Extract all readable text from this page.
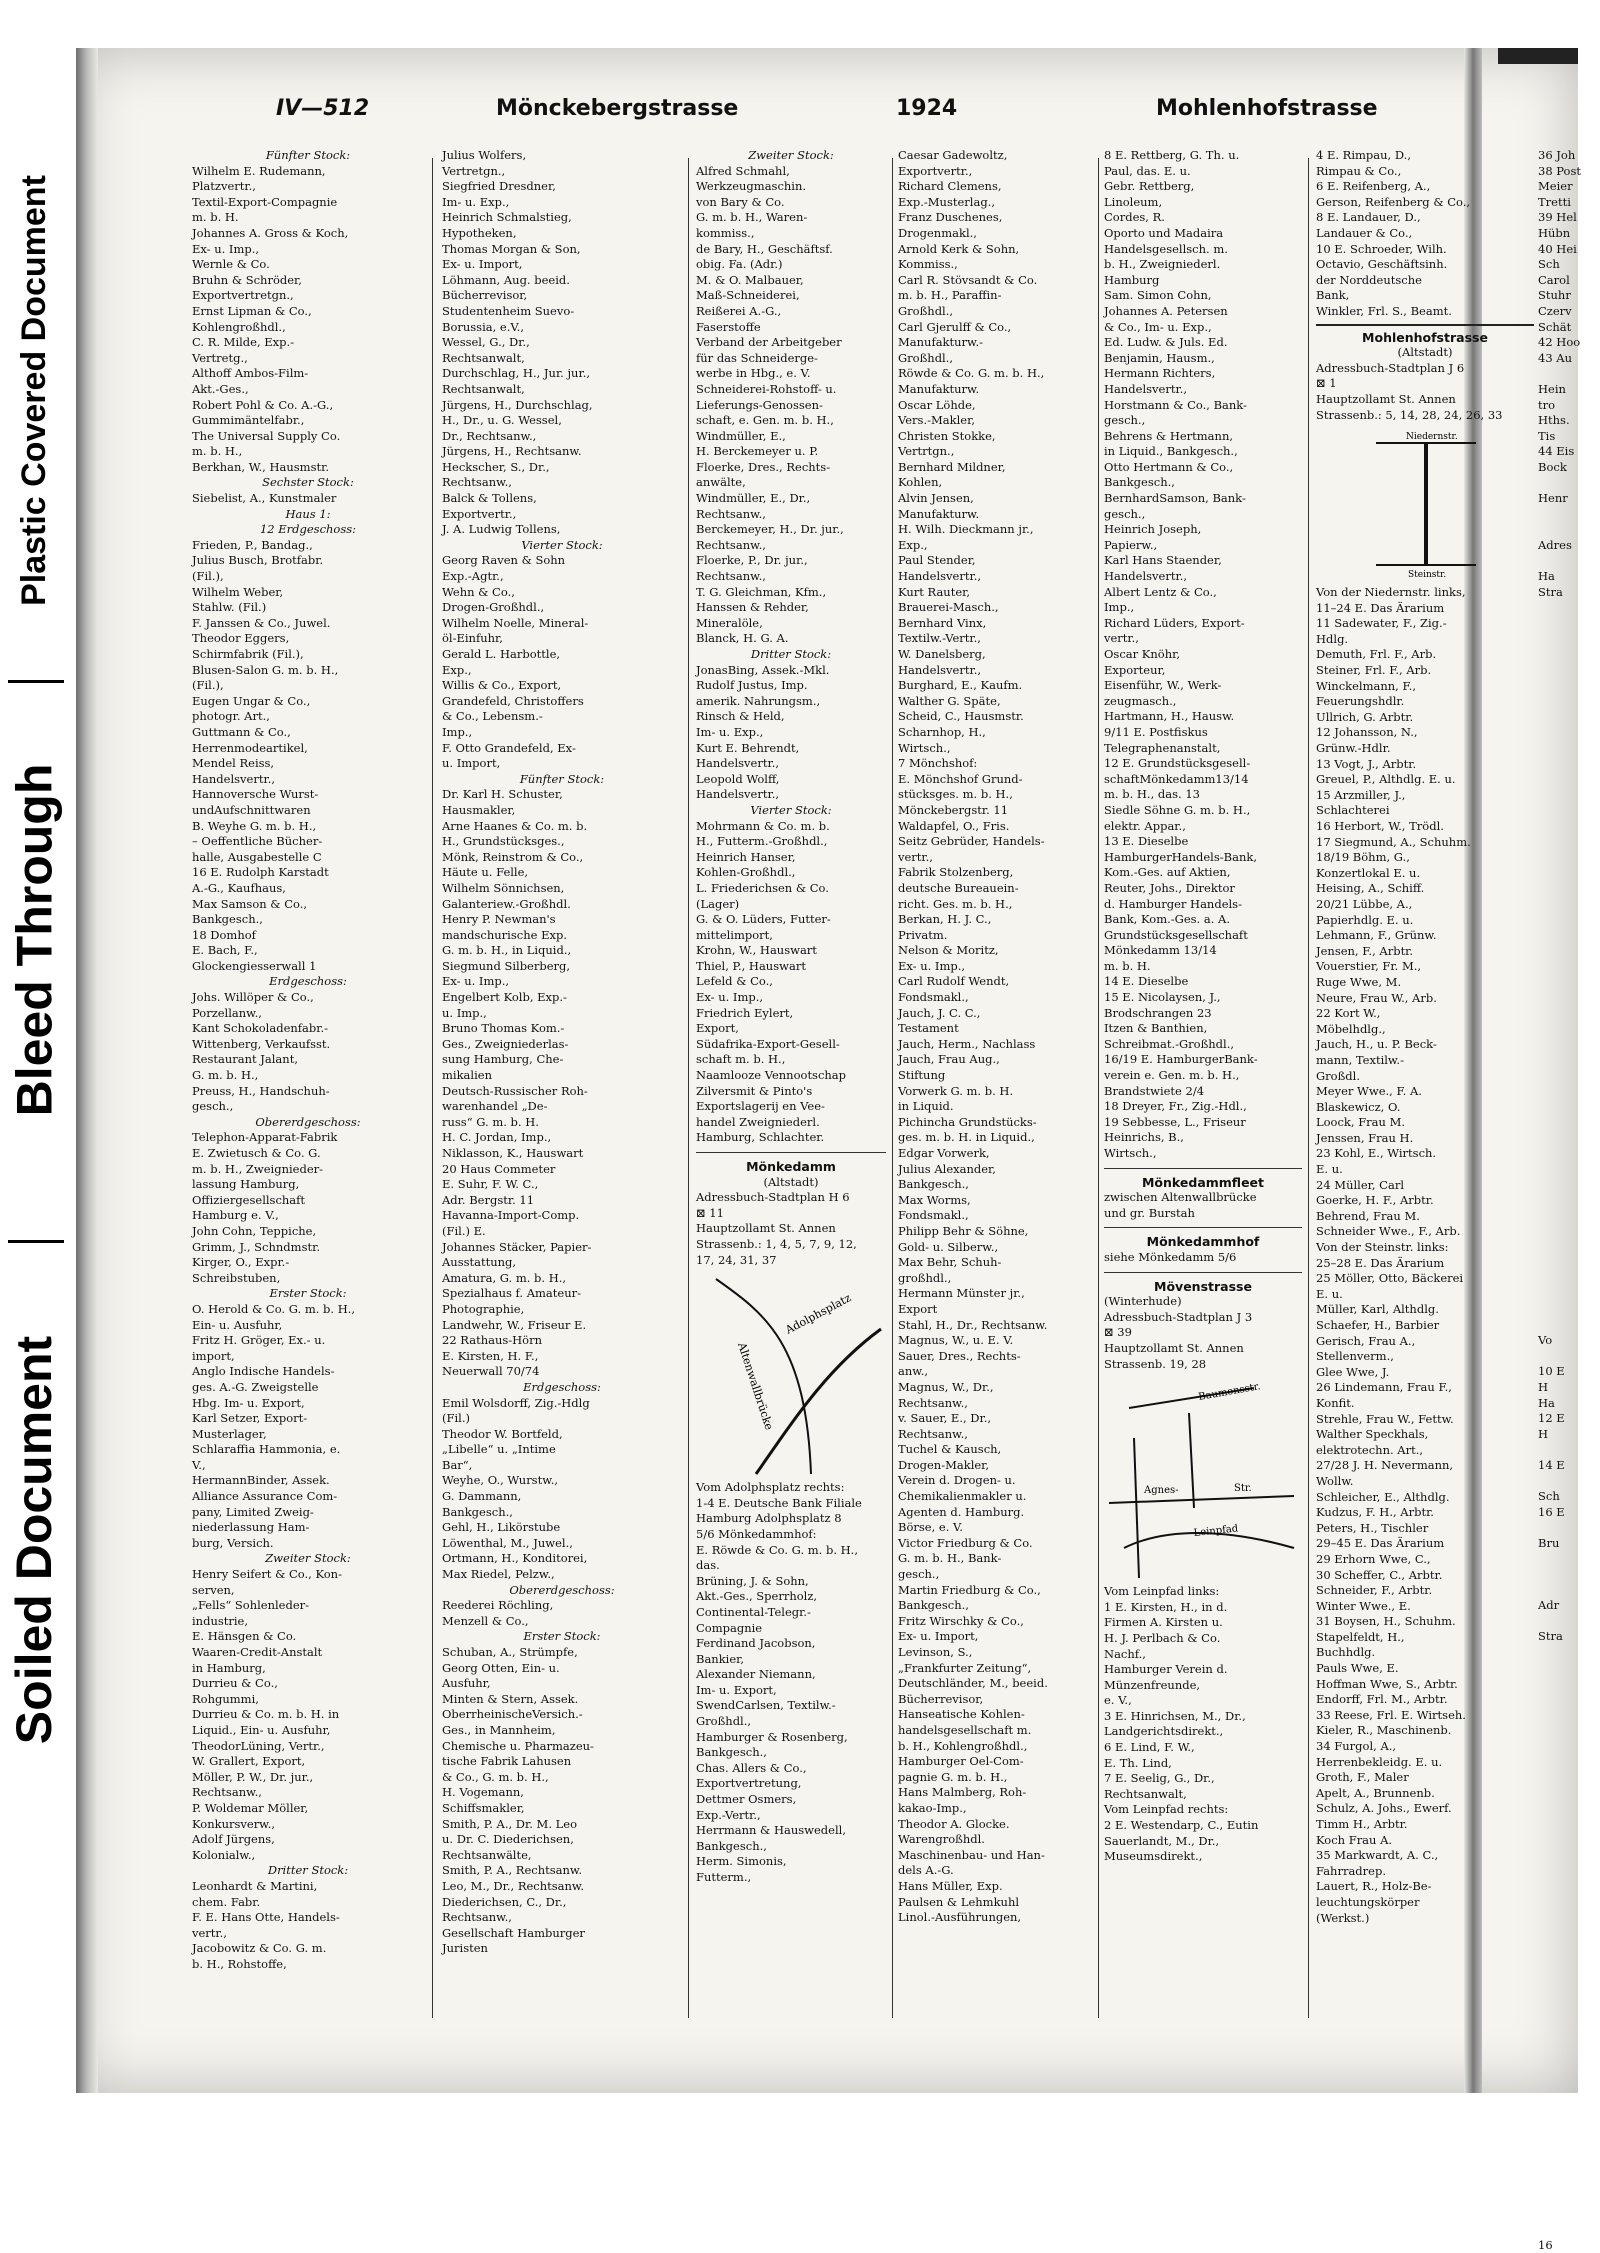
Plastic Covered Document
Bleed Through
Soiled Document
IV—512	Mönckebergstrasse	1924	Mohlenhofstrasse

Fünfter Stock:

Wilhelm E. Rudemann,

Platzvertr.,

Textil-Export-Compagnie

m. b. H.

Johannes A. Gross & Koch,

Ex- u. Imp.,

Wernle & Co.

Bruhn & Schröder,

Exportvertretgn.,

Ernst Lipman & Co.,

Kohlengroßhdl.,

C. R. Milde, Exp.-

Vertretg.,

Althoff Ambos-Film-

Akt.-Ges.,

Robert Pohl & Co. A.-G.,

Gummimäntelfabr.,

The Universal Supply Co.

m. b. H.,

Berkhan, W., Hausmstr.

Sechster Stock:

Siebelist, A., Kunstmaler

Haus 1:

12 Erdgeschoss:

Frieden, P., Bandag.,

Julius Busch, Brotfabr.

(Fil.),

Wilhelm Weber,

Stahlw. (Fil.)

F. Janssen & Co., Juwel.

Theodor Eggers,

Schirmfabrik (Fil.),

Blusen-Salon G. m. b. H.,

(Fil.),

Eugen Ungar & Co.,

photogr. Art.,

Guttmann & Co.,

Herrenmodeartikel,

Mendel Reiss,

Handelsvertr.,

Hannoversche Wurst-

undAufschnittwaren

B. Weyhe G. m. b. H.,

– Oeffentliche Bücher-

halle, Ausgabestelle C

16 E. Rudolph Karstadt

A.-G., Kaufhaus,

Max Samson & Co.,

Bankgesch.,

18 Domhof

E. Bach, F.,

Glockengiesserwall 1

Erdgeschoss:

Johs. Willöper & Co.,

Porzellanw.,

Kant Schokoladenfabr.-

Wittenberg, Verkaufsst.

Restaurant Jalant,

G. m. b. H.,

Preuss, H., Handschuh-

gesch.,

Obererdgeschoss:

Telephon-Apparat-Fabrik

E. Zwietusch & Co. G.

m. b. H., Zweignieder-

lassung Hamburg,

Offiziergesellschaft

Hamburg e. V.,

John Cohn, Teppiche,

Grimm, J., Schndmstr.

Kirger, O., Expr.-

Schreibstuben,

Erster Stock:

O. Herold & Co. G. m. b. H.,

Ein- u. Ausfuhr,

Fritz H. Gröger, Ex.- u.

import,

Anglo Indische Handels-

ges. A.-G. Zweigstelle

Hbg. Im- u. Export,

Karl Setzer, Export-

Musterlager,

Schlaraffia Hammonia, e.

V.,

HermannBinder, Assek.

Alliance Assurance Com-

pany, Limited Zweig-

niederlassung Ham-

burg, Versich.

Zweiter Stock:

Henry Seifert & Co., Kon-

serven,

„Fells“ Sohlenleder-

industrie,

E. Hänsgen & Co.

Waaren-Credit-Anstalt

in Hamburg,

Durrieu & Co.,

Rohgummi,

Durrieu & Co. m. b. H. in

Liquid., Ein- u. Ausfuhr,

TheodorLüning, Vertr.,

W. Grallert, Export,

Möller, P. W., Dr. jur.,

Rechtsanw.,

P. Woldemar Möller,

Konkursverw.,

Adolf Jürgens,

Kolonialw.,

Dritter Stock:

Leonhardt & Martini,

chem. Fabr.

F. E. Hans Otte, Handels-

vertr.,

Jacobowitz & Co. G. m.

b. H., Rohstoffe,

Julius Wolfers,

Vertretgn.,

Siegfried Dresdner,

Im- u. Exp.,

Heinrich Schmalstieg,

Hypotheken,

Thomas Morgan & Son,

Ex- u. Import,

Löhmann, Aug. beeid.

Bücherrevisor,

Studentenheim Suevo-

Borussia, e.V.,

Wessel, G., Dr.,

Rechtsanwalt,

Durchschlag, H., Jur. jur.,

Rechtsanwalt,

Jürgens, H., Durchschlag,

H., Dr., u. G. Wessel,

Dr., Rechtsanw.,

Jürgens, H., Rechtsanw.

Heckscher, S., Dr.,

Rechtsanw.,

Balck & Tollens,

Exportvertr.,

J. A. Ludwig Tollens,

Vierter Stock:

Georg Raven & Sohn

Exp.-Agtr.,

Wehn & Co.,

Drogen-Großhdl.,

Wilhelm Noelle, Mineral-

öl-Einfuhr,

Gerald L. Harbottle,

Exp.,

Willis & Co., Export,

Grandefeld, Christoffers

& Co., Lebensm.-

Imp.,

F. Otto Grandefeld, Ex-

u. Import,

Fünfter Stock:

Dr. Karl H. Schuster,

Hausmakler,

Arne Haanes & Co. m. b.

H., Grundstücksges.,

Mönk, Reinstrom & Co.,

Häute u. Felle,

Wilhelm Sönnichsen,

Galanteriew.-Großhdl.

Henry P. Newman's

mandschurische Exp.

G. m. b. H., in Liquid.,

Siegmund Silberberg,

Ex- u. Imp.,

Engelbert Kolb, Exp.-

u. Imp.,

Bruno Thomas Kom.-

Ges., Zweigniederlas-

sung Hamburg, Che-

mikalien

Deutsch-Russischer Roh-

warenhandel „De-

russ“ G. m. b. H.

H. C. Jordan, Imp.,

Niklasson, K., Hauswart

20 Haus Commeter

E. Suhr, F. W. C.,

Adr. Bergstr. 11

Havanna-Import-Comp.

(Fil.) E.

Johannes Stäcker, Papier-

Ausstattung,

Amatura, G. m. b. H.,

Spezialhaus f. Amateur-

Photographie,

Landwehr, W., Friseur E.

22 Rathaus-Hörn

E. Kirsten, H. F.,

Neuerwall 70/74

Erdgeschoss:

Emil Wolsdorff, Zig.-Hdlg

(Fil.)

Theodor W. Bortfeld,

„Libelle“ u. „Intime

Bar“,

Weyhe, O., Wurstw.,

G. Dammann,

Bankgesch.,

Gehl, H., Likörstube

Löwenthal, M., Juwel.,

Ortmann, H., Konditorei,

Max Riedel, Pelzw.,

Obererdgeschoss:

Reederei Röchling,

Menzell & Co.,

Erster Stock:

Schuban, A., Strümpfe,

Georg Otten, Ein- u.

Ausfuhr,

Minten & Stern, Assek.

OberrheinischeVersich.-

Ges., in Mannheim,

Chemische u. Pharmazeu-

tische Fabrik Lahusen

& Co., G. m. b. H.,

H. Vogemann,

Schiffsmakler,

Smith, P. A., Dr. M. Leo

u. Dr. C. Diederichsen,

Rechtsanwälte,

Smith, P. A., Rechtsanw.

Leo, M., Dr., Rechtsanw.

Diederichsen, C., Dr.,

Rechtsanw.,

Gesellschaft Hamburger

Juristen

Zweiter Stock:

Alfred Schmahl,

Werkzeugmaschin.

von Bary & Co.

G. m. b. H., Waren-

kommiss.,

de Bary, H., Geschäftsf.

obig. Fa. (Adr.)

M. & O. Malbauer,

Maß-Schneiderei,

Reißerei A.-G.,

Faserstoffe

Verband der Arbeitgeber

für das Schneiderge-

werbe in Hbg., e. V.

Schneiderei-Rohstoff- u.

Lieferungs-Genossen-

schaft, e. Gen. m. b. H.,

Windmüller, E.,

H. Berckemeyer u. P.

Floerke, Dres., Rechts-

anwälte,

Windmüller, E., Dr.,

Rechtsanw.,

Berckemeyer, H., Dr. jur.,

Rechtsanw.,

Floerke, P., Dr. jur.,

Rechtsanw.,

T. G. Gleichman, Kfm.,

Hanssen & Rehder,

Mineralöle,

Blanck, H. G. A.

Dritter Stock:

JonasBing, Assek.-Mkl.

Rudolf Justus, Imp.

amerik. Nahrungsm.,

Rinsch & Held,

Im- u. Exp.,

Kurt E. Behrendt,

Handelsvertr.,

Leopold Wolff,

Handelsvertr.,

Vierter Stock:

Mohrmann & Co. m. b.

H., Futterm.-Großhdl.,

Heinrich Hanser,

Kohlen-Großhdl.,

L. Friederichsen & Co.

(Lager)

G. & O. Lüders, Futter-

mittelimport,

Krohn, W., Hauswart

Thiel, P., Hauswart

Lefeld & Co.,

Ex- u. Imp.,

Friedrich Eylert,

Export,

Südafrika-Export-Gesell-

schaft m. b. H.,

Naamlooze Vennootschap

Zilversmit & Pinto's

Exportslagerij en Vee-

handel Zweigniederl.

Hamburg, Schlachter.

Mönkedamm

(Altstadt)

Adressbuch-Stadtplan H 6

⊠ 11

Hauptzollamt St. Annen

Strassenb.: 1, 4, 5, 7, 9, 12,

17, 24, 31, 37

Adolphsplatz
Altenwallbrücke

Vom Adolphsplatz rechts:

1-4 E. Deutsche Bank Filiale

Hamburg Adolphsplatz 8

5/6 Mönkedammhof:

E. Röwde & Co. G. m. b. H.,

das.

Brüning, J. & Sohn,

Akt.-Ges., Sperrholz,

Continental-Telegr.-

Compagnie

Ferdinand Jacobson,

Bankier,

Alexander Niemann,

Im- u. Export,

SwendCarlsen, Textilw.-

Großhdl.,

Hamburger & Rosenberg,

Bankgesch.,

Chas. Allers & Co.,

Exportvertretung,

Dettmer Osmers,

Exp.-Vertr.,

Herrmann & Hauswedell,

Bankgesch.,

Herm. Simonis,

Futterm.,

Caesar Gadewoltz,

Exportvertr.,

Richard Clemens,

Exp.-Musterlag.,

Franz Duschenes,

Drogenmakl.,

Arnold Kerk & Sohn,

Kommiss.,

Carl R. Stövsandt & Co.

m. b. H., Paraffin-

Großhdl.,

Carl Gjerulff & Co.,

Manufakturw.-

Großhdl.,

Röwde & Co. G. m. b. H.,

Manufakturw.

Oscar Löhde,

Vers.-Makler,

Christen Stokke,

Vertrtgn.,

Bernhard Mildner,

Kohlen,

Alvin Jensen,

Manufakturw.

H. Wilh. Dieckmann jr.,

Exp.,

Paul Stender,

Handelsvertr.,

Kurt Rauter,

Brauerei-Masch.,

Bernhard Vinx,

Textilw.-Vertr.,

W. Danelsberg,

Handelsvertr.,

Burghard, E., Kaufm.

Walther G. Späte,

Scheid, C., Hausmstr.

Scharnhop, H.,

Wirtsch.,

7 Mönchshof:

E. Mönchshof Grund-

stücksges. m. b. H.,

Mönckebergstr. 11

Waldapfel, O., Fris.

Seitz Gebrüder, Handels-

vertr.,

Fabrik Stolzenberg,

deutsche Bureauein-

richt. Ges. m. b. H.,

Berkan, H. J. C.,

Privatm.

Nelson & Moritz,

Ex- u. Imp.,

Carl Rudolf Wendt,

Fondsmakl.,

Jauch, J. C. C.,

Testament

Jauch, Herm., Nachlass

Jauch, Frau Aug.,

Stiftung

Vorwerk G. m. b. H.

in Liquid.

Pichincha Grundstücks-

ges. m. b. H. in Liquid.,

Edgar Vorwerk,

Julius Alexander,

Bankgesch.,

Max Worms,

Fondsmakl.,

Philipp Behr & Söhne,

Gold- u. Silberw.,

Max Behr, Schuh-

großhdl.,

Hermann Münster jr.,

Export

Stahl, H., Dr., Rechtsanw.

Magnus, W., u. E. V.

Sauer, Dres., Rechts-

anw.,

Magnus, W., Dr.,

Rechtsanw.,

v. Sauer, E., Dr.,

Rechtsanw.,

Tuchel & Kausch,

Drogen-Makler,

Verein d. Drogen- u.

Chemikalienmakler u.

Agenten d. Hamburg.

Börse, e. V.

Victor Friedburg & Co.

G. m. b. H., Bank-

gesch.,

Martin Friedburg & Co.,

Bankgesch.,

Fritz Wirschky & Co.,

Ex- u. Import,

Levinson, S.,

„Frankfurter Zeitung“,

Deutschländer, M., beeid.

Bücherrevisor,

Hanseatische Kohlen-

handelsgesellschaft m.

b. H., Kohlengroßhdl.,

Hamburger Oel-Com-

pagnie G. m. b. H.,

Hans Malmberg, Roh-

kakao-Imp.,

Theodor A. Glocke.

Warengroßhdl.

Maschinenbau- und Han-

dels A.-G.

Hans Müller, Exp.

Paulsen & Lehmkuhl

Linol.-Ausführungen,

8 E. Rettberg, G. Th. u.

Paul, das. E. u.

Gebr. Rettberg,

Linoleum,

Cordes, R.

Oporto und Madaira

Handelsgesellsch. m.

b. H., Zweigniederl.

Hamburg

Sam. Simon Cohn,

Johannes A. Petersen

& Co., Im- u. Exp.,

Ed. Ludw. & Juls. Ed.

Benjamin, Hausm.,

Hermann Richters,

Handelsvertr.,

Horstmann & Co., Bank-

gesch.,

Behrens & Hertmann,

in Liquid., Bankgesch.,

Otto Hertmann & Co.,

Bankgesch.,

BernhardSamson, Bank-

gesch.,

Heinrich Joseph,

Papierw.,

Karl Hans Staender,

Handelsvertr.,

Albert Lentz & Co.,

Imp.,

Richard Lüders, Export-

vertr.,

Oscar Knöhr,

Exporteur,

Eisenführ, W., Werk-

zeugmasch.,

Hartmann, H., Hausw.

9/11 E. Postfiskus

Telegraphenanstalt,

12 E. Grundstücksgesell-

schaftMönkedamm13/14

m. b. H., das. 13

Siedle Söhne G. m. b. H.,

elektr. Appar.,

13 E. Dieselbe

HamburgerHandels-Bank,

Kom.-Ges. auf Aktien,

Reuter, Johs., Direktor

d. Hamburger Handels-

Bank, Kom.-Ges. a. A.

Grundstücksgesellschaft

Mönkedamm 13/14

m. b. H.

14 E. Dieselbe

15 E. Nicolaysen, J.,

Brodschrangen 23

Itzen & Banthien,

Schreibmat.-Großhdl.,

16/19 E. HamburgerBank-

verein e. Gen. m. b. H.,

Brandstwiete 2/4

18 Dreyer, Fr., Zig.-Hdl.,

19 Sebbesse, L., Friseur

Heinrichs, B.,

Wirtsch.,

Mönkedammfleet

zwischen Altenwallbrücke

und gr. Burstah

Mönkedammhof

siehe Mönkedamm 5/6

Mövenstrasse

(Winterhude)

Adressbuch-Stadtplan J 3

⊠ 39

Hauptzollamt St. Annen

Strassenb. 19, 28

Baumonsstr.
Agnes-	Str.
Leinpfad

Vom Leinpfad links:

1 E. Kirsten, H., in d.

Firmen A. Kirsten u.

H. J. Perlbach & Co.

Nachf.,

Hamburger Verein d.

Münzenfreunde,

e. V.,

3 E. Hinrichsen, M., Dr.,

Landgerichtsdirekt.,

6 E. Lind, F. W.,

E. Th. Lind,

7 E. Seelig, G., Dr.,

Rechtsanwalt,

Vom Leinpfad rechts:

2 E. Westendarp, C., Eutin

Sauerlandt, M., Dr.,

Museumsdirekt.,

4 E. Rimpau, D.,

Rimpau & Co.,

6 E. Reifenberg, A.,

Gerson, Reifenberg & Co.,

8 E. Landauer, D.,

Landauer & Co.,

10 E. Schroeder, Wilh.

Octavio, Geschäftsinh.

der Norddeutsche

Bank,

Winkler, Frl. S., Beamt.

Mohlenhofstrasse

(Altstadt)

Adressbuch-Stadtplan J 6

⊠ 1

Hauptzollamt St. Annen

Strassenb.: 5, 14, 28, 24, 26, 33

Niedernstr.
Steinstr.

Von der Niedernstr. links,

11–24 E. Das Ärarium

11 Sadewater, F., Zig.-

Hdlg.

Demuth, Frl. F., Arb.

Steiner, Frl. F., Arb.

Winckelmann, F.,

Feuerungshdlr.

Ullrich, G. Arbtr.

12 Johansson, N.,

Grünw.-Hdlr.

13 Vogt, J., Arbtr.

Greuel, P., Althdlg. E. u.

15 Arzmiller, J.,

Schlachterei

16 Herbort, W., Trödl.

17 Siegmund, A., Schuhm.

18/19 Böhm, G.,

Konzertlokal E. u.

Heising, A., Schiff.

20/21 Lübbe, A.,

Papierhdlg. E. u.

Lehmann, F., Grünw.

Jensen, F., Arbtr.

Vouerstier, Fr. M.,

Ruge Wwe, M.

Neure, Frau W., Arb.

22 Kort W.,

Möbelhdlg.,

Jauch, H., u. P. Beck-

mann, Textilw.-

Großdl.

Meyer Wwe., F. A.

Blaskewicz, O.

Loock, Frau M.

Jenssen, Frau H.

23 Kohl, E., Wirtsch.

E. u.

24 Müller, Carl

Goerke, H. F., Arbtr.

Behrend, Frau M.

Schneider Wwe., F., Arb.

Von der Steinstr. links:

25–28 E. Das Ärarium

25 Möller, Otto, Bäckerei

E. u.

Müller, Karl, Althdlg.

Schaefer, H., Barbier

Gerisch, Frau A.,

Stellenverm.,

Glee Wwe, J.

26 Lindemann, Frau F.,

Konfit.

Strehle, Frau W., Fettw.

Walther Speckhals,

elektrotechn. Art.,

27/28 J. H. Nevermann,

Wollw.

Schleicher, E., Althdlg.

Kudzus, F. H., Arbtr.

Peters, H., Tischler

29–45 E. Das Ärarium

29 Erhorn Wwe, C.,

30 Scheffer, C., Arbtr.

Schneider, F., Arbtr.

Winter Wwe., E.

31 Boysen, H., Schuhm.

Stapelfeldt, H.,

Buchhdlg.

Pauls Wwe, E.

Hoffman Wwe, S., Arbtr.

Endorff, Frl. M., Arbtr.

33 Reese, Frl. E. Wirtseh.

Kieler, R., Maschinenb.

34 Furgol, A.,

Herrenbekleidg. E. u.

Groth, F., Maler

Apelt, A., Brunnenb.

Schulz, A. Johs., Ewerf.

Timm H., Arbtr.

Koch Frau A.

35 Markwardt, A. C.,

Fahrradrep.

Lauert, R., Holz-Be-

leuchtungskörper

(Werkst.)

36 Joh

38 Post

Meier

Tretti

39 Hel

Hübn

40 Hei

Sch

Carol

Stuhr

Czerv

Schät

42 Hoo

43 Au

Hein

tro

Hths.

Tis

44 Eis

Bock

Henr

Adres

Ha

Stra

Vo

10 E

H

Ha

12 E

H

14 E

Sch

16 E

Bru

Adr

Stra

16
